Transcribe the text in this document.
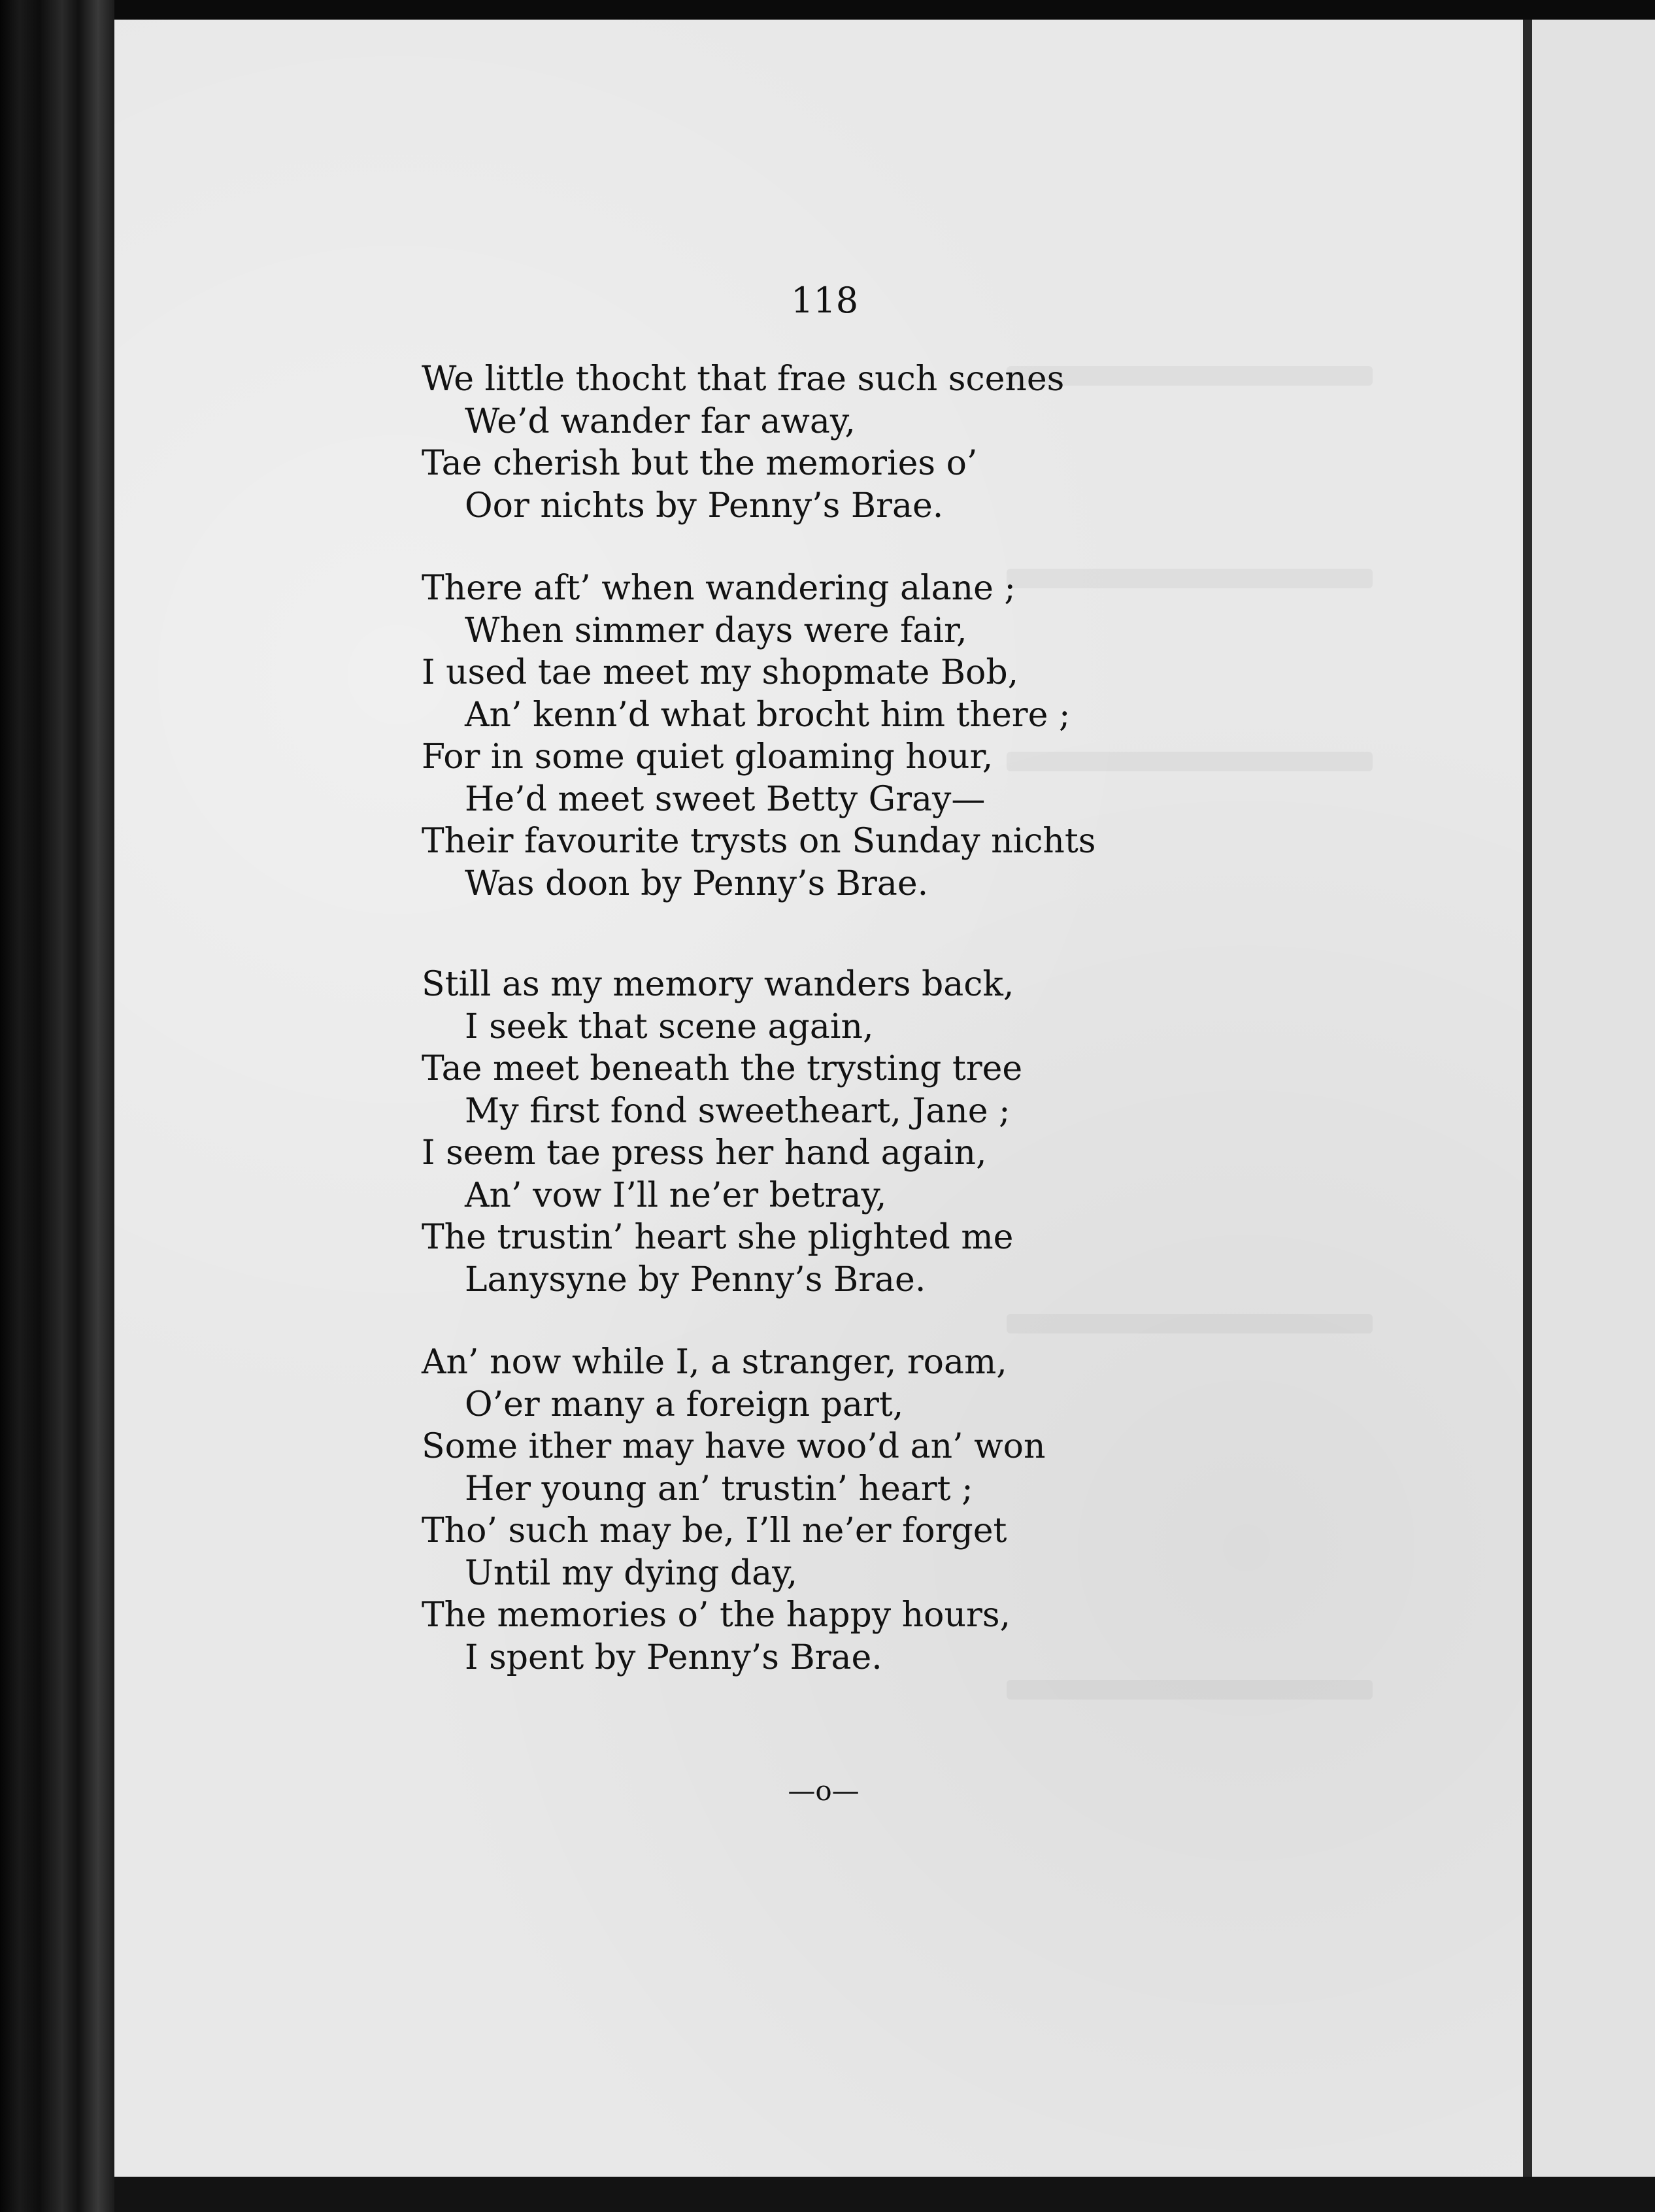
118
We little thocht that frae such scenes
We’d wander far away,
Tae cherish but the memories o’
Oor nichts by Penny’s Brae.
There aft’ when wandering alane ;
When simmer days were fair,
I used tae meet my shopmate Bob,
An’ kenn’d what brocht him there ;
For in some quiet gloaming hour,
He’d meet sweet Betty Gray—
Their favourite trysts on Sunday nichts
Was doon by Penny’s Brae.
Still as my memory wanders back,
I seek that scene again,
Tae meet beneath the trysting tree
My first fond sweetheart, Jane ;
I seem tae press her hand again,
An’ vow I’ll ne’er betray,
The trustin’ heart she plighted me
Lanysyne by Penny’s Brae.
An’ now while I, a stranger, roam,
O’er many a foreign part,
Some ither may have woo’d an’ won
Her young an’ trustin’ heart ;
Tho’ such may be, I’ll ne’er forget
Until my dying day,
The memories o’ the happy hours,
I spent by Penny’s Brae.
—o—
